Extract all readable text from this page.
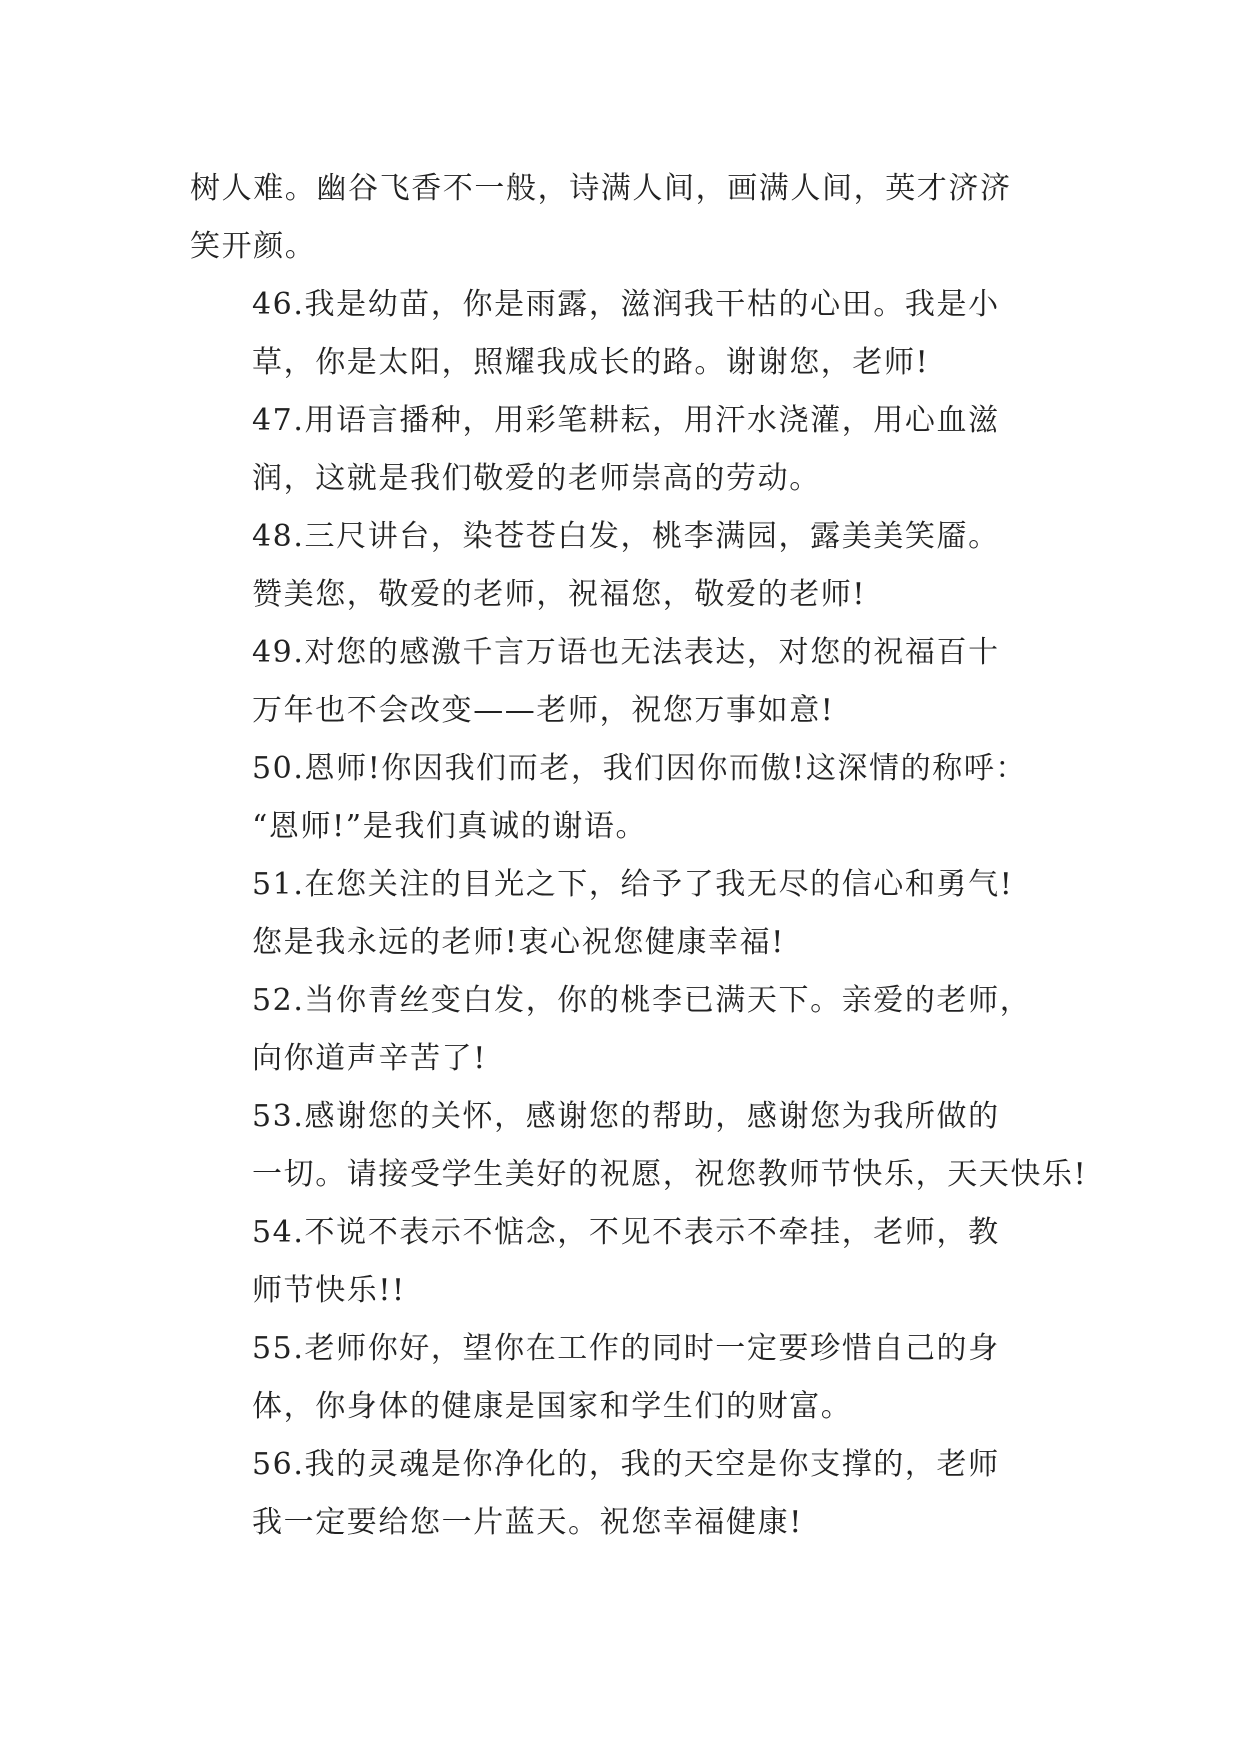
树人难。幽谷飞香不一般，诗满人间，画满人间，英才济济
笑开颜。
46.我是幼苗，你是雨露，滋润我干枯的心田。我是小
草，你是太阳，照耀我成长的路。谢谢您，老师!
47.用语言播种，用彩笔耕耘，用汗水浇灌，用心血滋
润，这就是我们敬爱的老师崇高的劳动。
48.三尺讲台，染苍苍白发，桃李满园，露美美笑靥。
赞美您，敬爱的老师，祝福您，敬爱的老师!
49.对您的感激千言万语也无法表达，对您的祝福百十
万年也不会改变——老师，祝您万事如意!
50.恩师!你因我们而老，我们因你而傲!这深情的称呼：
“恩师!”是我们真诚的谢语。
51.在您关注的目光之下，给予了我无尽的信心和勇气!
您是我永远的老师!衷心祝您健康幸福!
52.当你青丝变白发，你的桃李已满天下。亲爱的老师，
向你道声辛苦了!
53.感谢您的关怀，感谢您的帮助，感谢您为我所做的
一切。请接受学生美好的祝愿，祝您教师节快乐，天天快乐!
54.不说不表示不惦念，不见不表示不牵挂，老师，教
师节快乐!!
55.老师你好，望你在工作的同时一定要珍惜自己的身
体，你身体的健康是国家和学生们的财富。
56.我的灵魂是你净化的，我的天空是你支撑的，老师
我一定要给您一片蓝天。祝您幸福健康!
